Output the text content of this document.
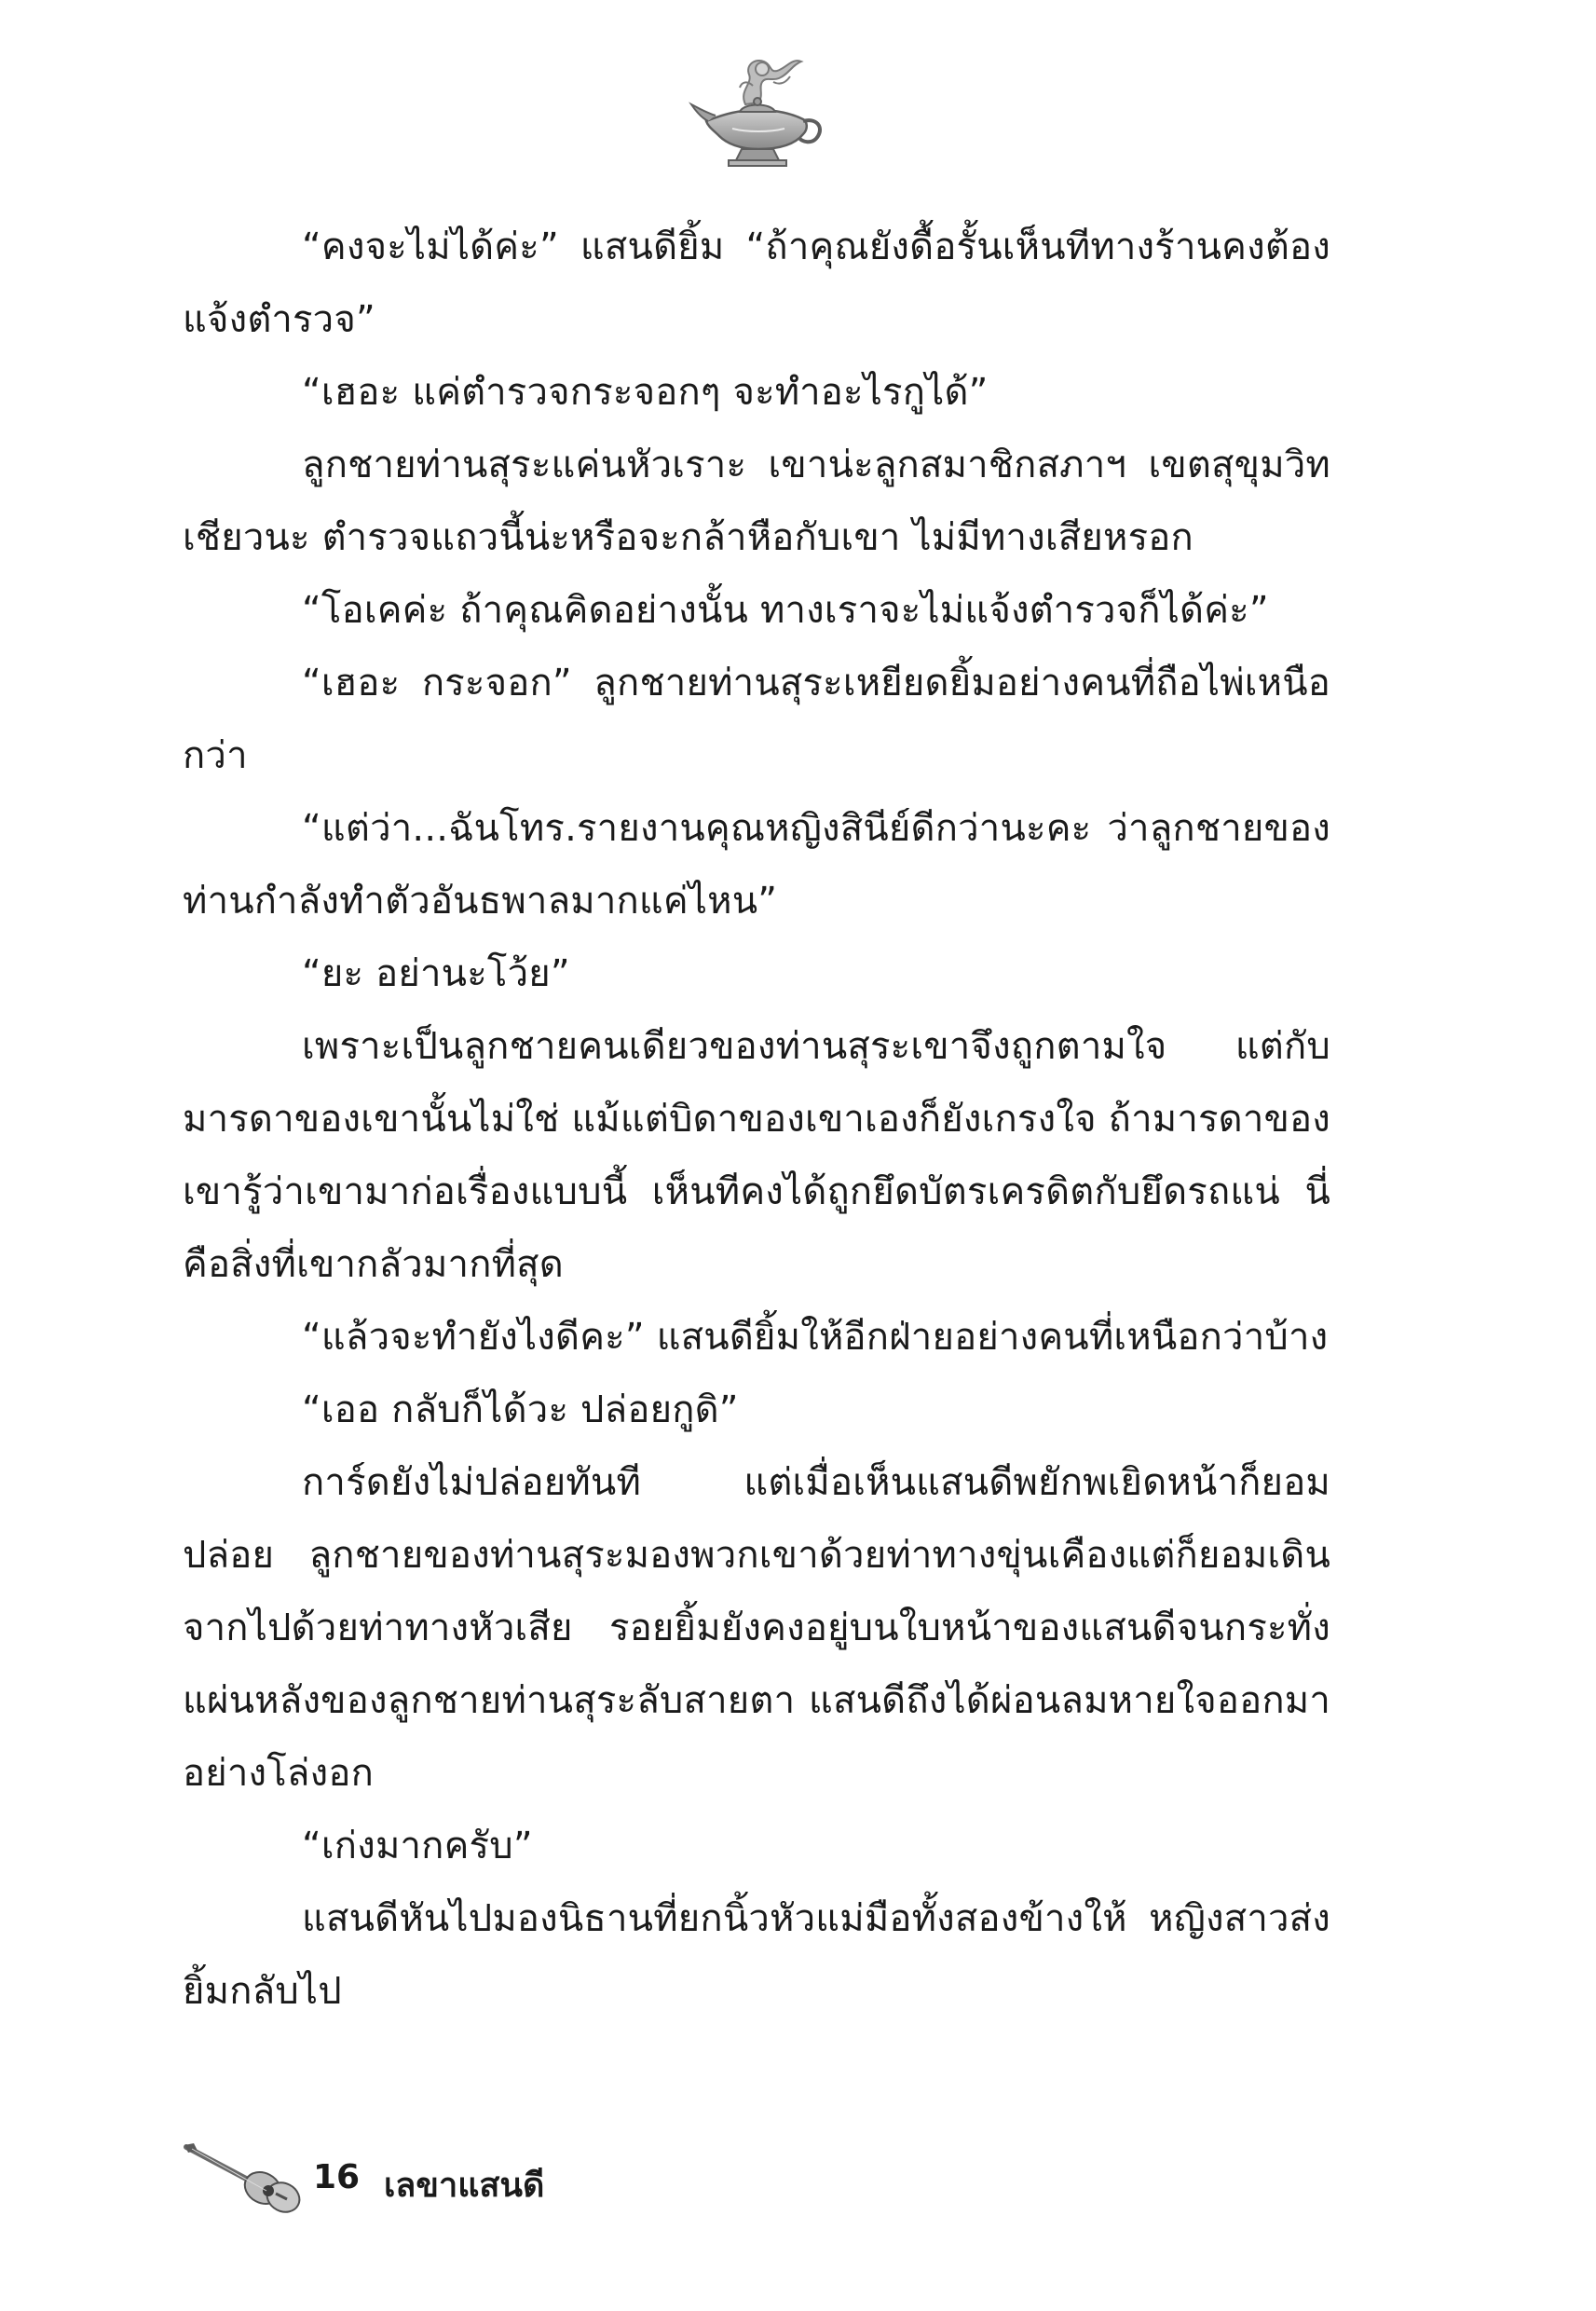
“คงจะไม่ได้ค่ะ” แสนดียิ้ม “ถ้าคุณยังดื้อรั้นเห็นทีทางร้านคงต้องแจ้งตำรวจ”

“เฮอะ แค่ตำรวจกระจอกๆ จะทำอะไรกูได้”

ลูกชายท่านสุระแค่นหัวเราะ เขาน่ะลูกสมาชิกสภาฯ เขตสุขุมวิทเชียวนะ ตำรวจแถวนี้น่ะหรือจะกล้าหือกับเขา ไม่มีทางเสียหรอก

“โอเคค่ะ ถ้าคุณคิดอย่างนั้น ทางเราจะไม่แจ้งตำรวจก็ได้ค่ะ”

“เฮอะ กระจอก” ลูกชายท่านสุระเหยียดยิ้มอย่างคนที่ถือไพ่เหนือกว่า

“แต่ว่า...ฉันโทร.รายงานคุณหญิงสินีย์ดีกว่านะคะ ว่าลูกชายของท่านกำลังทำตัวอันธพาลมากแค่ไหน”

“ยะ อย่านะโว้ย”

เพราะเป็นลูกชายคนเดียวของท่านสุระเขาจึงถูกตามใจ แต่กับมารดาของเขานั้นไม่ใช่ แม้แต่บิดาของเขาเองก็ยังเกรงใจ ถ้ามารดาของเขารู้ว่าเขามาก่อเรื่องแบบนี้ เห็นทีคงได้ถูกยึดบัตรเครดิตกับยึดรถแน่ นี่คือสิ่งที่เขากลัวมากที่สุด

“แล้วจะทำยังไงดีคะ” แสนดียิ้มให้อีกฝ่ายอย่างคนที่เหนือกว่าบ้าง

“เออ กลับก็ได้วะ ปล่อยกูดิ”

การ์ดยังไม่ปล่อยทันที แต่เมื่อเห็นแสนดีพยักพเยิดหน้าก็ยอมปล่อย ลูกชายของท่านสุระมองพวกเขาด้วยท่าทางขุ่นเคืองแต่ก็ยอมเดินจากไปด้วยท่าทางหัวเสีย รอยยิ้มยังคงอยู่บนใบหน้าของแสนดีจนกระทั่งแผ่นหลังของลูกชายท่านสุระลับสายตา แสนดีถึงได้ผ่อนลมหายใจออกมาอย่างโล่งอก

“เก่งมากครับ”

แสนดีหันไปมองนิธานที่ยกนิ้วหัวแม่มือทั้งสองข้างให้ หญิงสาวส่งยิ้มกลับไป

16 เลขาแสนดี
